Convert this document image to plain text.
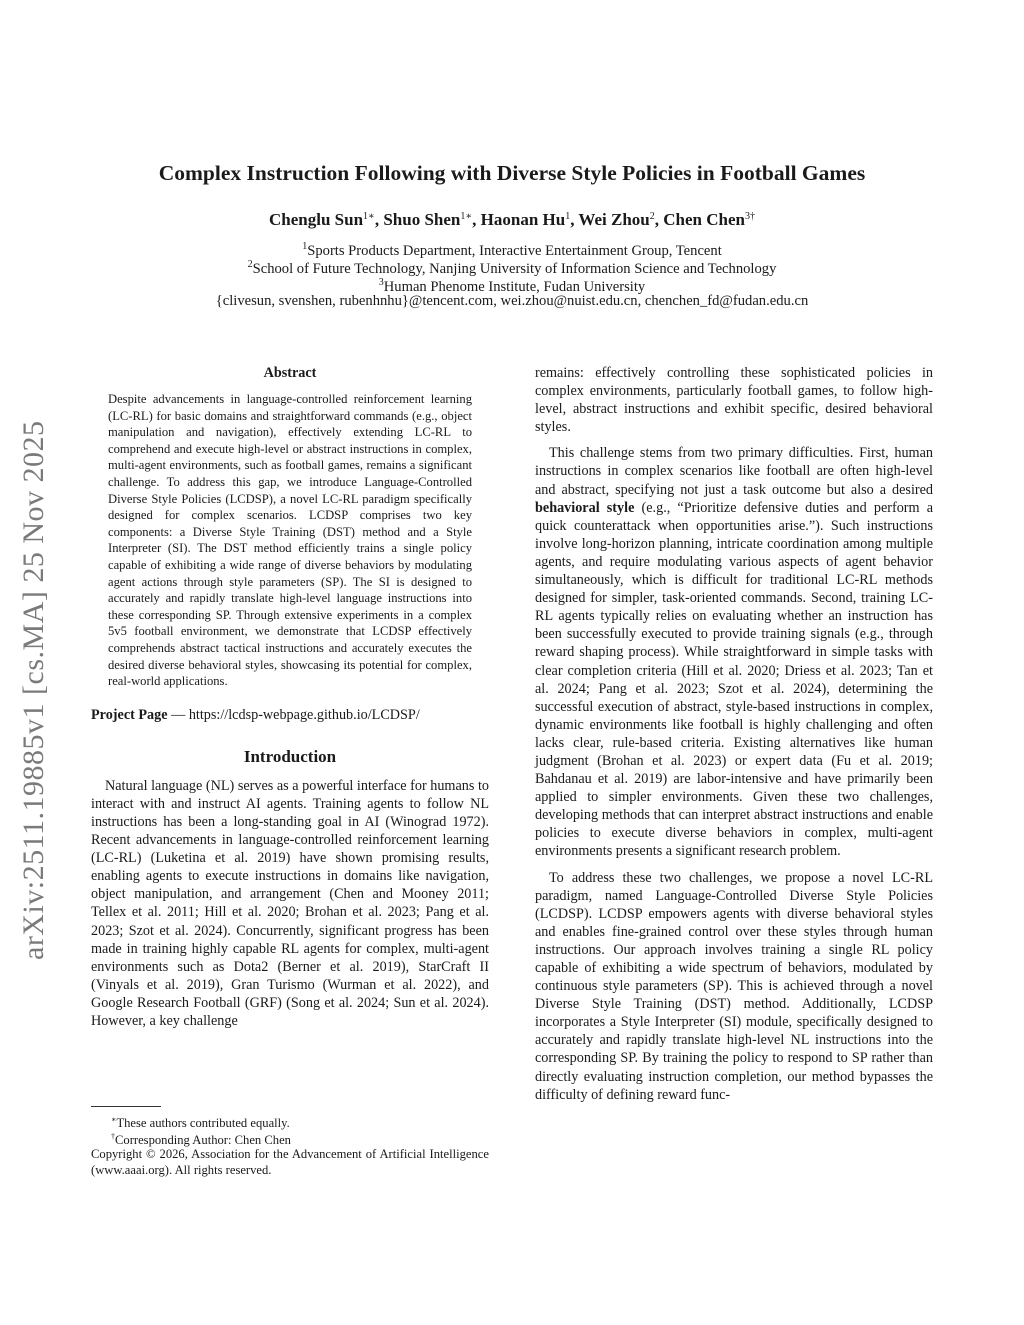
arXiv:2511.19885v1 [cs.MA] 25 Nov 2025
Complex Instruction Following with Diverse Style Policies in Football Games
Chenglu Sun$^{1∗}$, Shuo Shen$^{1∗}$, Haonan Hu$^1$, Wei Zhou$^2$, Chen Chen$^{3\dagger}$
$^1$Sports Products Department, Interactive Entertainment Group, Tencent
$^2$School of Future Technology, Nanjing University of Information Science and Technology
$^3$Human Phenome Institute, Fudan University
{clivesun, svenshen, rubenhnhu}@tencent.com, wei.zhou@nuist.edu.cn, chenchen_fd@fudan.edu.cn
Abstract
Despite advancements in language-controlled reinforcement learning (LC-RL) for basic domains and straightforward commands (e.g., object manipulation and navigation), effectively extending LC-RL to comprehend and execute high-level or abstract instructions in complex, multi-agent environments, such as football games, remains a significant challenge. To address this gap, we introduce Language-Controlled Diverse Style Policies (LCDSP), a novel LC-RL paradigm specifically designed for complex scenarios. LCDSP comprises two key components: a Diverse Style Training (DST) method and a Style Interpreter (SI). The DST method efficiently trains a single policy capable of exhibiting a wide range of diverse behaviors by modulating agent actions through style parameters (SP). The SI is designed to accurately and rapidly translate high-level language instructions into these corresponding SP. Through extensive experiments in a complex 5v5 football environment, we demonstrate that LCDSP effectively comprehends abstract tactical instructions and accurately executes the desired diverse behavioral styles, showcasing its potential for complex, real-world applications.
Project Page — https://lcdsp-webpage.github.io/LCDSP/
Introduction

Natural language (NL) serves as a powerful interface for humans to interact with and instruct AI agents. Training agents to follow NL instructions has been a long-standing goal in AI (Winograd 1972). Recent advancements in language-controlled reinforcement learning (LC-RL) (Luketina et al. 2019) have shown promising results, enabling agents to execute instructions in domains like navigation, object manipulation, and arrangement (Chen and Mooney 2011; Tellex et al. 2011; Hill et al. 2020; Brohan et al. 2023; Pang et al. 2023; Szot et al. 2024). Concurrently, significant progress has been made in training highly capable RL agents for complex, multi-agent environments such as Dota2 (Berner et al. 2019), StarCraft II (Vinyals et al. 2019), Gran Turismo (Wurman et al. 2022), and Google Research Football (GRF) (Song et al. 2024; Sun et al. 2024). However, a key challenge

∗These authors contributed equally.
†Corresponding Author: Chen Chen
Copyright © 2026, Association for the Advancement of Artificial Intelligence (www.aaai.org). All rights reserved.

remains: effectively controlling these sophisticated policies in complex environments, particularly football games, to follow high-level, abstract instructions and exhibit specific, desired behavioral styles.

This challenge stems from two primary difficulties. First, human instructions in complex scenarios like football are often high-level and abstract, specifying not just a task outcome but also a desired behavioral style (e.g., “Prioritize defensive duties and perform a quick counterattack when opportunities arise.”). Such instructions involve long-horizon planning, intricate coordination among multiple agents, and require modulating various aspects of agent behavior simultaneously, which is difficult for traditional LC-RL methods designed for simpler, task-oriented commands. Second, training LC-RL agents typically relies on evaluating whether an instruction has been successfully executed to provide training signals (e.g., through reward shaping process). While straightforward in simple tasks with clear completion criteria (Hill et al. 2020; Driess et al. 2023; Tan et al. 2024; Pang et al. 2023; Szot et al. 2024), determining the successful execution of abstract, style-based instructions in complex, dynamic environments like football is highly challenging and often lacks clear, rule-based criteria. Existing alternatives like human judgment (Brohan et al. 2023) or expert data (Fu et al. 2019; Bahdanau et al. 2019) are labor-intensive and have primarily been applied to simpler environments. Given these two challenges, developing methods that can interpret abstract instructions and enable policies to execute diverse behaviors in complex, multi-agent environments presents a significant research problem.

To address these two challenges, we propose a novel LC-RL paradigm, named Language-Controlled Diverse Style Policies (LCDSP). LCDSP empowers agents with diverse behavioral styles and enables fine-grained control over these styles through human instructions. Our approach involves training a single RL policy capable of exhibiting a wide spectrum of behaviors, modulated by continuous style parameters (SP). This is achieved through a novel Diverse Style Training (DST) method. Additionally, LCDSP incorporates a Style Interpreter (SI) module, specifically designed to accurately and rapidly translate high-level NL instructions into the corresponding SP. By training the policy to respond to SP rather than directly evaluating instruction completion, our method bypasses the difficulty of defining reward func-
